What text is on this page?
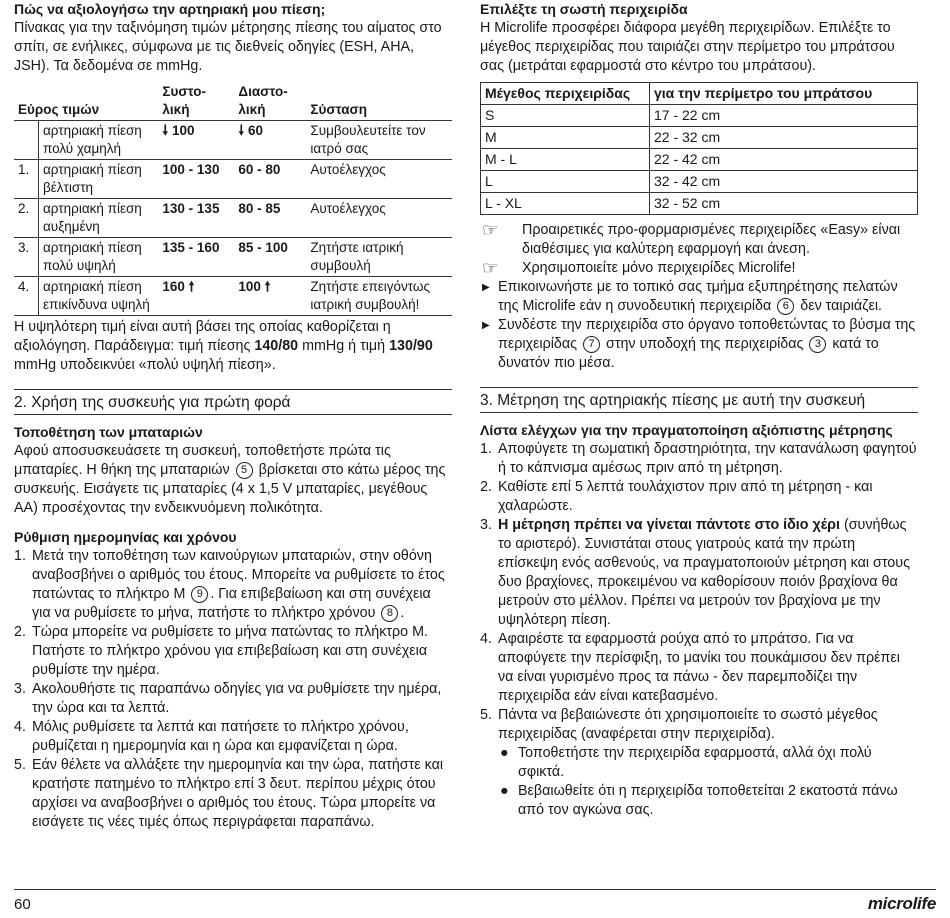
Πώς να αξιολογήσω την αρτηριακή μου πίεση;

Πίνακας για την ταξινόμηση τιμών μέτρησης πίεσης του αίματος στο σπίτι, σε ενήλικες, σύμφωνα με τις διεθνείς οδηγίες (ESH, AHA, JSH). Τα δεδομένα σε mmHg.

Εύρος τιμών		Συστο-
λική	Διαστο-
λική	Σύσταση
	αρτηριακή πίεση πολύ χαμηλή	🠗 100	🠗 60	Συμβουλευτείτε τον ιατρό σας
1.	αρτηριακή πίεση βέλτιστη	100 - 130	60 - 80	Αυτοέλεγχος
2.	αρτηριακή πίεση αυξημένη	130 - 135	80 - 85	Αυτοέλεγχος
3.	αρτηριακή πίεση πολύ υψηλή	135 - 160	85 - 100	Ζητήστε ιατρική συμβουλή
4.	αρτηριακή πίεση επικίνδυνα υψηλή	160 🠕	100 🠕	Ζητήστε επειγόντως ιατρική συμβουλή!

Η υψηλότερη τιμή είναι αυτή βάσει της οποίας καθορίζεται η αξιολόγηση. Παράδειγμα: τιμή πίεσης 140/80 mmHg ή τιμή 130/90 mmHg υποδεικνύει «πολύ υψηλή πίεση».

2. Χρήση της συσκευής για πρώτη φορά

Τοποθέτηση των μπαταριών

Αφού αποσυσκευάσετε τη συσκευή, τοποθετήστε πρώτα τις μπαταρίες. Η θήκη της μπαταριών 5 βρίσκεται στο κάτω μέρος της συσκευής. Εισάγετε τις μπαταρίες (4 x 1,5 V μπαταρίες, μεγέθους AA) προσέχοντας την ενδεικνυόμενη πολικότητα.

Ρύθμιση ημερομηνίας και χρόνου
1. Μετά την τοποθέτηση των καινούργιων μπαταριών, στην οθόνη αναβοσβήνει ο αριθμός του έτους. Μπορείτε να ρυθμίσετε το έτος πατώντας το πλήκτρο M 9 . Για επιβεβαίωση και στη συνέχεια για να ρυθμίσετε το μήνα, πατήστε το πλήκτρο χρόνου 8 .
2. Τώρα μπορείτε να ρυθμίσετε το μήνα πατώντας το πλήκτρο M. Πατήστε το πλήκτρο χρόνου για επιβεβαίωση και στη συνέχεια ρυθμίστε την ημέρα.
3. Ακολουθήστε τις παραπάνω οδηγίες για να ρυθμίσετε την ημέρα, την ώρα και τα λεπτά.
4. Μόλις ρυθμίσετε τα λεπτά και πατήσετε το πλήκτρο χρόνου, ρυθμίζεται η ημερομηνία και η ώρα και εμφανίζεται η ώρα.
5. Εάν θέλετε να αλλάξετε την ημερομηνία και την ώρα, πατήστε και κρατήστε πατημένο το πλήκτρο επί 3 δευτ. περίπου μέχρις ότου αρχίσει να αναβοσβήνει ο αριθμός του έτους. Τώρα μπορείτε να εισάγετε τις νέες τιμές όπως περιγράφεται παραπάνω.
Επιλέξτε τη σωστή περιχειρίδα

Η Microlife προσφέρει διάφορα μεγέθη περιχειρίδων. Επιλέξτε το μέγεθος περιχειρίδας που ταιριάζει στην περίμετρο του μπράτσου σας (μετράται εφαρμοστά στο κέντρο του μπράτσου).

Μέγεθος περιχειρίδας	για την περίμετρο του μπράτσου
S	17 - 22 cm
M	22 - 32 cm
M - L	22 - 42 cm
L	32 - 42 cm
L - XL	32 - 52 cm
☞ Προαιρετικές προ-φορμαρισμένες περιχειρίδες «Easy» είναι διαθέσιμες για καλύτερη εφαρμογή και άνεση.
☞ Χρησιμοποιείτε μόνο περιχειρίδες Microlife!
▶ Επικοινωνήστε με το τοπικό σας τμήμα εξυπηρέτησης πελατών της Microlife εάν η συνοδευτική περιχειρίδα 6 δεν ταιριάζει.
▶ Συνδέστε την περιχειρίδα στο όργανο τοποθετώντας το βύσμα της περιχειρίδας 7 στην υποδοχή της περιχειρίδας 3 κατά το δυνατόν πιο μέσα.

3. Μέτρηση της αρτηριακής πίεσης με αυτή την συσκευή

Λίστα ελέγχων για την πραγματοποίηση αξιόπιστης μέτρησης
1. Αποφύγετε τη σωματική δραστηριότητα, την κατανάλωση φαγητού ή το κάπνισμα αμέσως πριν από τη μέτρηση.
2. Καθίστε επί 5 λεπτά τουλάχιστον πριν από τη μέτρηση - και χαλαρώστε.
3. Η μέτρηση πρέπει να γίνεται πάντοτε στο ίδιο χέρι (συνήθως το αριστερό). Συνιστάται στους γιατρούς κατά την πρώτη επίσκεψη ενός ασθενούς, να πραγματοποιούν μέτρηση και στους δυο βραχίονες, προκειμένου να καθορίσουν ποιόν βραχίονα θα μετρούν στο μέλλον. Πρέπει να μετρούν τον βραχίονα με την υψηλότερη πίεση.
4. Αφαιρέστε τα εφαρμοστά ρούχα από το μπράτσο. Για να αποφύγετε την περίσφιξη, το μανίκι του πουκάμισου δεν πρέπει να είναι γυρισμένο προς τα πάνω - δεν παρεμποδίζει την περιχειρίδα εάν είναι κατεβασμένο.
5. Πάντα να βεβαιώνεστε ότι χρησιμοποιείτε το σωστό μέγεθος περιχειρίδας (αναφέρεται στην περιχειρίδα).
● Τοποθετήστε την περιχειρίδα εφαρμοστά, αλλά όχι πολύ σφικτά.
● Βεβαιωθείτε ότι η περιχειρίδα τοποθετείται 2 εκατοστά πάνω από τον αγκώνα σας.
60	microlife
